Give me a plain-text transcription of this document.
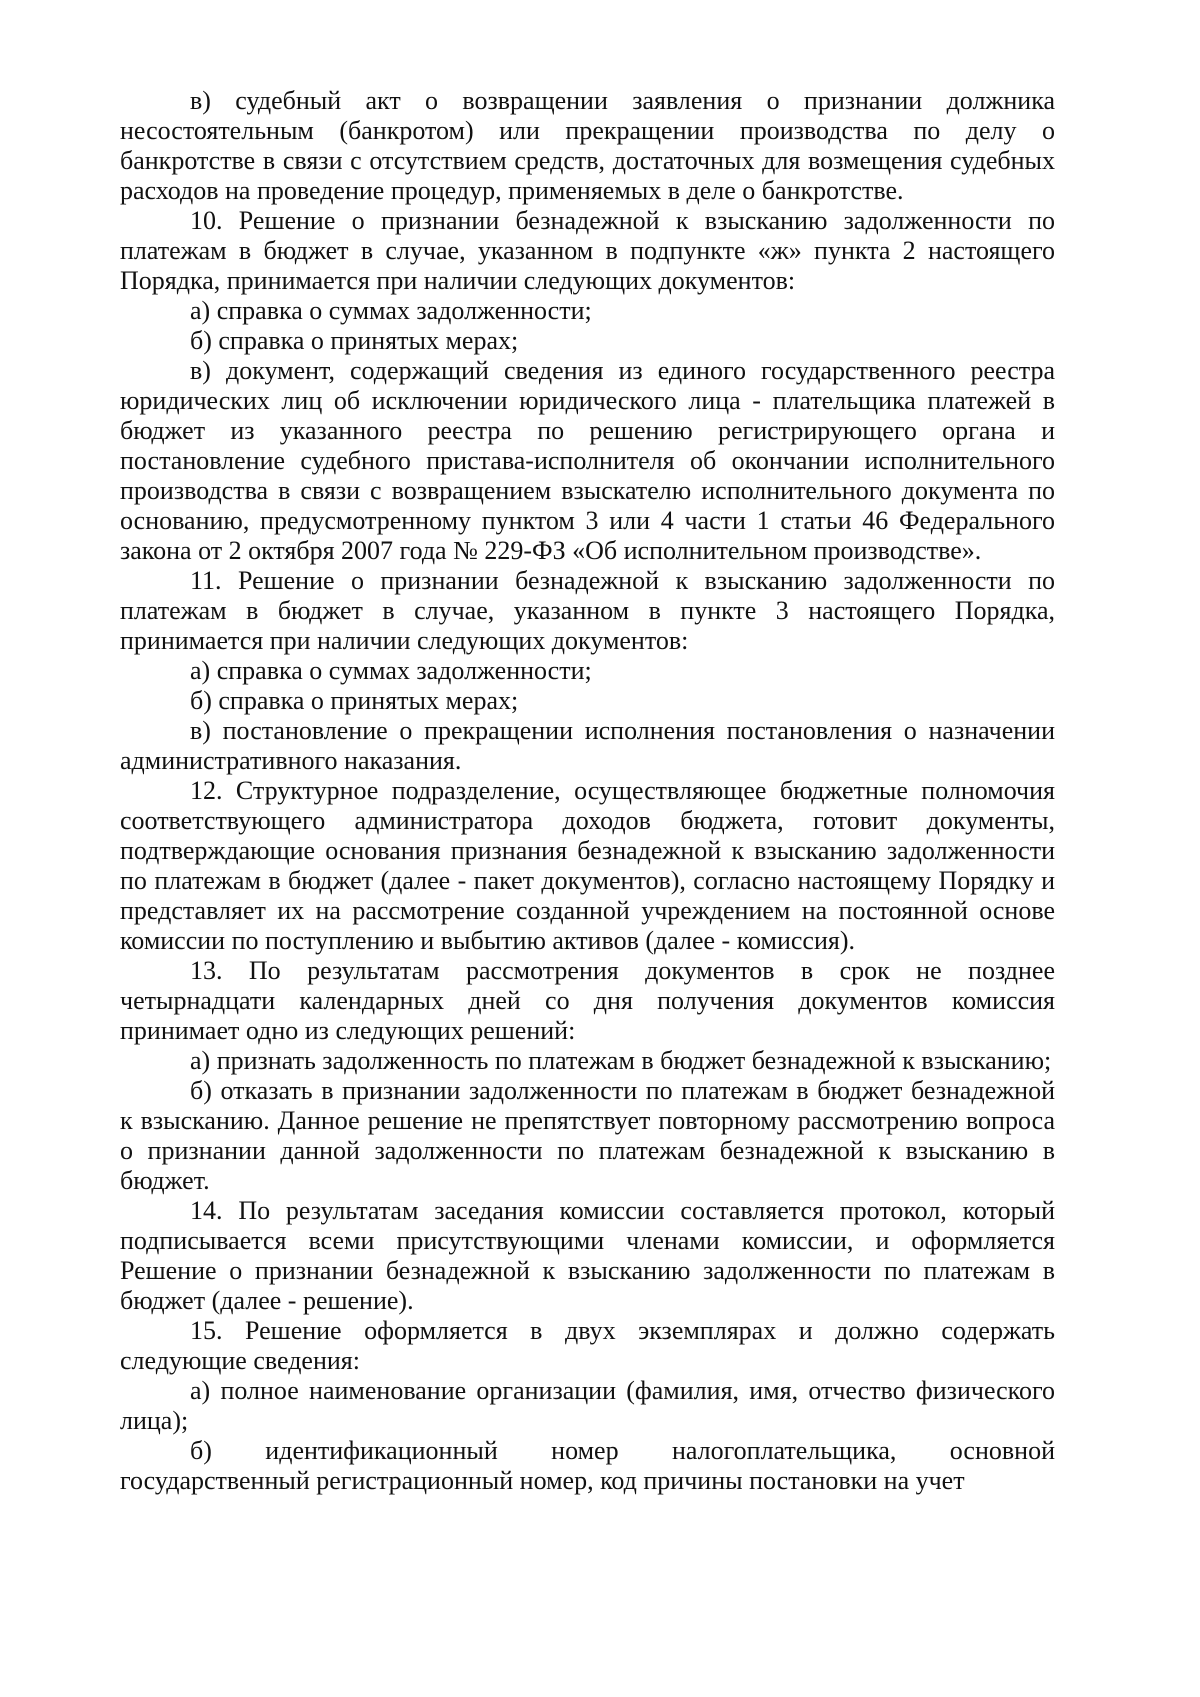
в) судебный акт о возвращении заявления о признании должника несостоятельным (банкротом) или прекращении производства по делу о банкротстве в связи с отсутствием средств, достаточных для возмещения судебных расходов на проведение процедур, применяемых в деле о банкротстве.

10. Решение о признании безнадежной к взысканию задолженности по платежам в бюджет в случае, указанном в подпункте «ж» пункта 2 настоящего Порядка, принимается при наличии следующих документов:

а) справка о суммах задолженности;

б) справка о принятых мерах;

в) документ, содержащий сведения из единого государственного реестра юридических лиц об исключении юридического лица - плательщика платежей в бюджет из указанного реестра по решению регистрирующего органа и постановление судебного пристава-исполнителя об окончании исполнительного производства в связи с возвращением взыскателю исполнительного документа по основанию, предусмотренному пунктом 3 или 4 части 1 статьи 46 Федерального закона от 2 октября 2007 года № 229-ФЗ «Об исполнительном производстве».

11. Решение о признании безнадежной к взысканию задолженности по платежам в бюджет в случае, указанном в пункте 3 настоящего Порядка, принимается при наличии следующих документов:

а) справка о суммах задолженности;

б) справка о принятых мерах;

в) постановление о прекращении исполнения постановления о назначении административного наказания.

12. Структурное подразделение, осуществляющее бюджетные полномочия соответствующего администратора доходов бюджета, готовит документы, подтверждающие основания признания безнадежной к взысканию задолженности по платежам в бюджет (далее - пакет документов), согласно настоящему Порядку и представляет их на рассмотрение созданной учреждением на постоянной основе комиссии по поступлению и выбытию активов (далее - комиссия).

13. По результатам рассмотрения документов в срок не позднее четырнадцати календарных дней со дня получения документов комиссия принимает одно из следующих решений:

а) признать задолженность по платежам в бюджет безнадежной к взысканию;

б) отказать в признании задолженности по платежам в бюджет безнадежной к взысканию. Данное решение не препятствует повторному рассмотрению вопроса о признании данной задолженности по платежам безнадежной к взысканию в бюджет.

14. По результатам заседания комиссии составляется протокол, который подписывается всеми присутствующими членами комиссии, и оформляется Решение о признании безнадежной к взысканию задолженности по платежам в бюджет (далее - решение).

15. Решение оформляется в двух экземплярах и должно содержать следующие сведения:

а) полное наименование организации (фамилия, имя, отчество физического лица);

б) идентификационный номер налогоплательщика, основной государственный регистрационный номер, код причины постановки на учет
